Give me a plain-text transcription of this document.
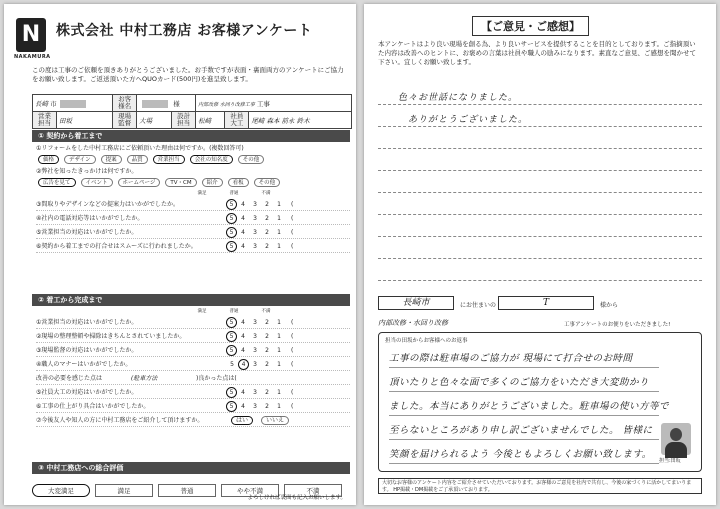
N
NAKAMURA
株式会社 中村工務店 お客様アンケート
この度は工事のご依頼を頂きありがとうございました。お手数ですが表面・裏面両方のアンケートにご協力をお願い致します。ご返送頂いた方へQUOカード(500円)を進呈致します。
長崎 市		お客様名	様		内部改修 水回り改修工事 工事		
営業担当	田坂	現場監督	大場	設計担当	松崎	社員大工	尾崎 森本 前永 鈴木
① 契約から着工まで
①リフォームをした中村工務店にご依頼頂いた理由は何ですか。(複数回答可)
価格	デザイン	提案	品質	営業担当	会社の知名度	その他
②弊社を知ったきっかけは何ですか。
広告を見て	イベント	ホームページ	TV・CM	紹介	看板	その他
満足	普通	不満
③間取りやデザインなどの提案力はいかがでしたか。	5 4 3 2 1	(
④社内の電話対応等はいかがでしたか。	5 4 3 2 1	(
⑤営業担当の対応はいかがでしたか。	5 4 3 2 1	(
⑥契約から着工までの打合せはスムーズに行われましたか。	5 4 3 2 1	(
② 着工から完成まで
満足	普通	不満
①営業担当の対応はいかがでしたか。	5 4 3 2 1	(
②現場の整理整頓や掃除はきちんとされていましたか。	5 4 3 2 1	(
③現場監督の対応はいかがでしたか。	5 4 3 2 1	(
④職人のマナーはいかがでしたか。	5 4 3 2 1	(
改善の必要を感じた点は	(駐車方法	)良かった点は(
⑤社員大工の対応はいかがでしたか。	5 4 3 2 1	(
⑥工事の仕上がり具合はいかがでしたか。	5 4 3 2 1	(
⑦今後友人や知人の方に中村工務店をご紹介して頂けますか。	はい	いいえ
③ 中村工務店への総合評価
大変満足	満足	普通	やや不満	不満
よろしければ裏面も記入お願いします。
【ご意見・ご感想】
本アンケートはより良い現場を創る為、より良いサービスを提供することを目的としております。ご指摘頂いた内容は改善へのヒントに、お褒めの言葉は社員や職人の励みになります。素直なご意見、ご感想を聞かせて下さい。宜しくお願い致します。
色々お世話になりました。
ありがとうございました。
長崎市	にお住まいの	T	様から
内部改修・水回り改修	工事アンケートのお便りをいただきました!
担当の田坂からお客様へのお返事
工事の際は駐車場のご協力が 現場にて打合せのお時間
頂いたりと色々な面で多くのご協力をいただき大変助かり
ました。本当にありがとうございました。駐車場の使い方等で
至らないところがあり申し訳ございませんでした。 皆様に
笑顔を届けられるよう 今後ともよろしくお願い致します。
担当:田坂
大切なお客様のアンケート内容をご紹介させていただいております。お客様のご意見を社内で共有し、今後の家づくりに活かしてまいります。 HP掲載・DM掲載をご了承頂いております。
